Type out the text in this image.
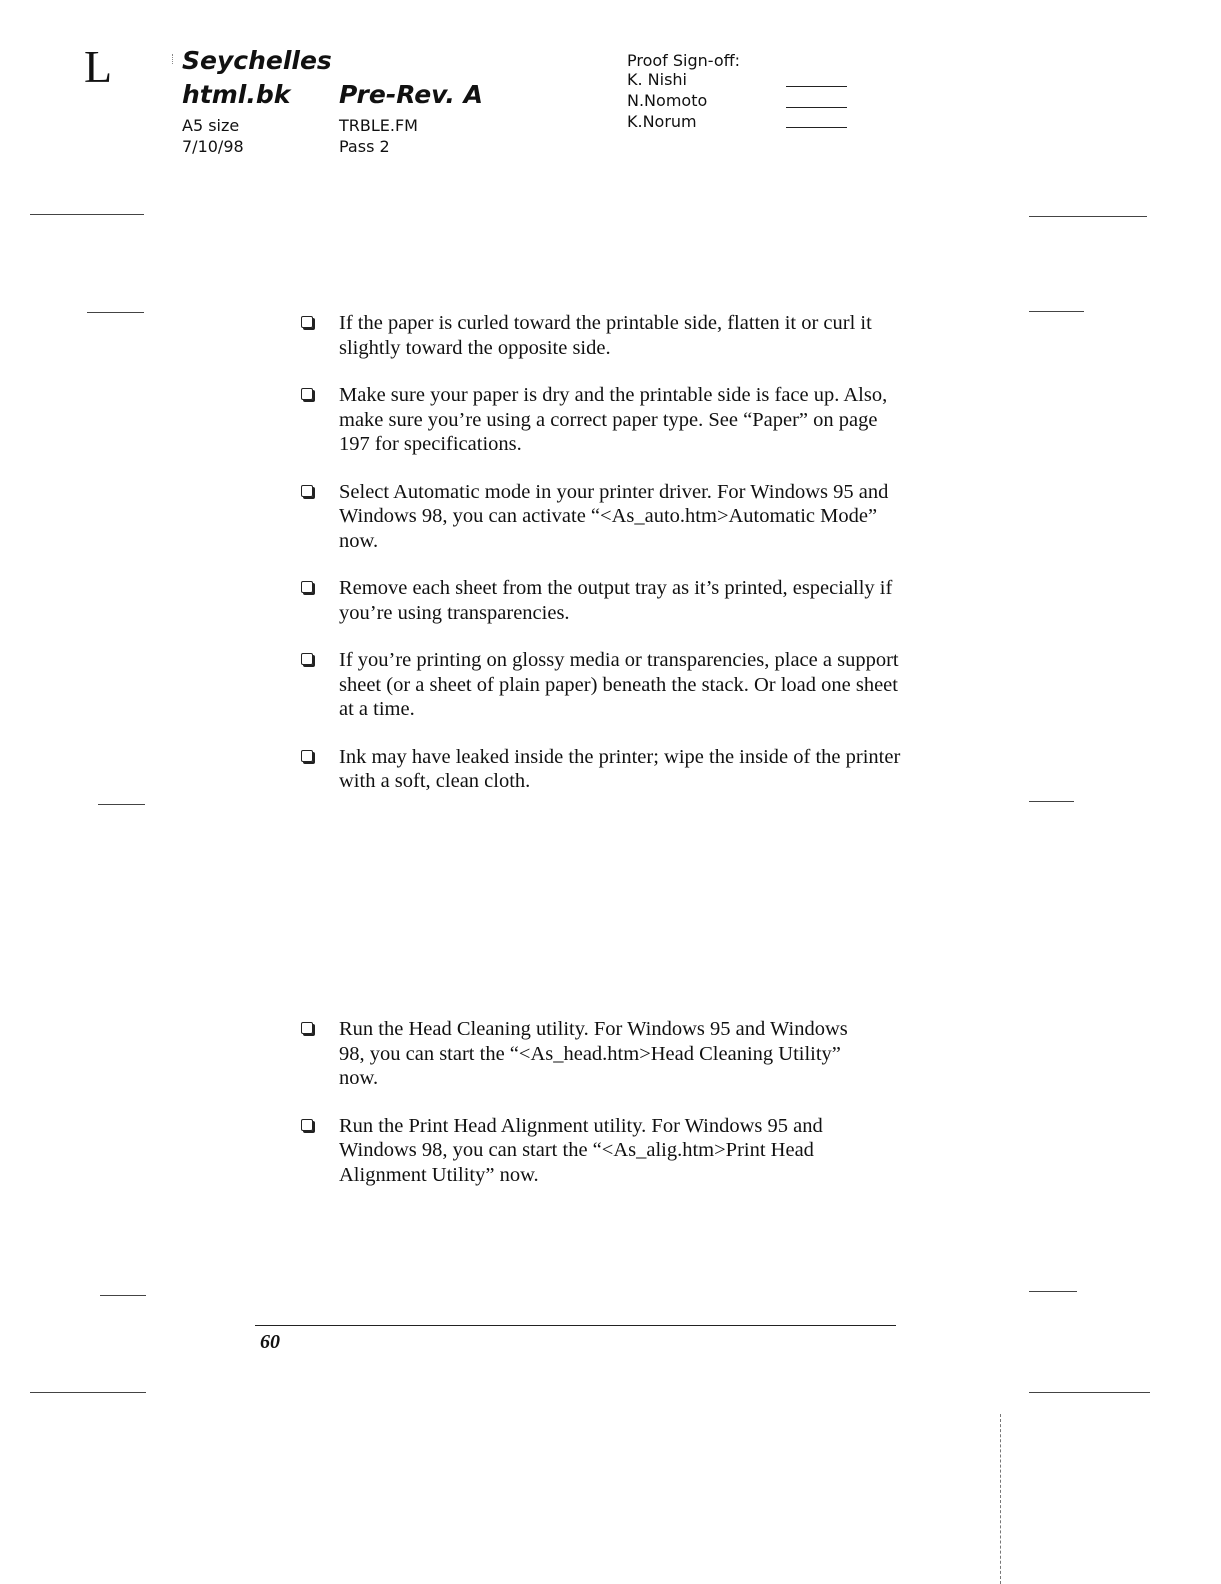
L	Seychelles
html.bk Pre-Rev. A
A5 size
7/10/98
TRBLE.FM
Pass 2
Proof Sign-off:
K. Nishi
N.Nomoto
K.Norum
If the paper is curled toward the printable side, flatten it or curl it slightly toward the opposite side.
Make sure your paper is dry and the printable side is face up. Also, make sure you’re using a correct paper type. See “Paper” on page 197 for specifications.
Select Automatic mode in your printer driver. For Windows 95 and Windows 98, you can activate “<As_auto.htm>Automatic Mode” now.
Remove each sheet from the output tray as it’s printed, especially if you’re using transparencies.
If you’re printing on glossy media or transparencies, place a support sheet (or a sheet of plain paper) beneath the stack. Or load one sheet at a time.
Ink may have leaked inside the printer; wipe the inside of the printer with a soft, clean cloth.
Run the Head Cleaning utility. For Windows 95 and Windows 98, you can start the “<As_head.htm>Head Cleaning Utility” now.
Run the Print Head Alignment utility. For Windows 95 and Windows 98, you can start the “<As_alig.htm>Print Head Alignment Utility” now.
60
